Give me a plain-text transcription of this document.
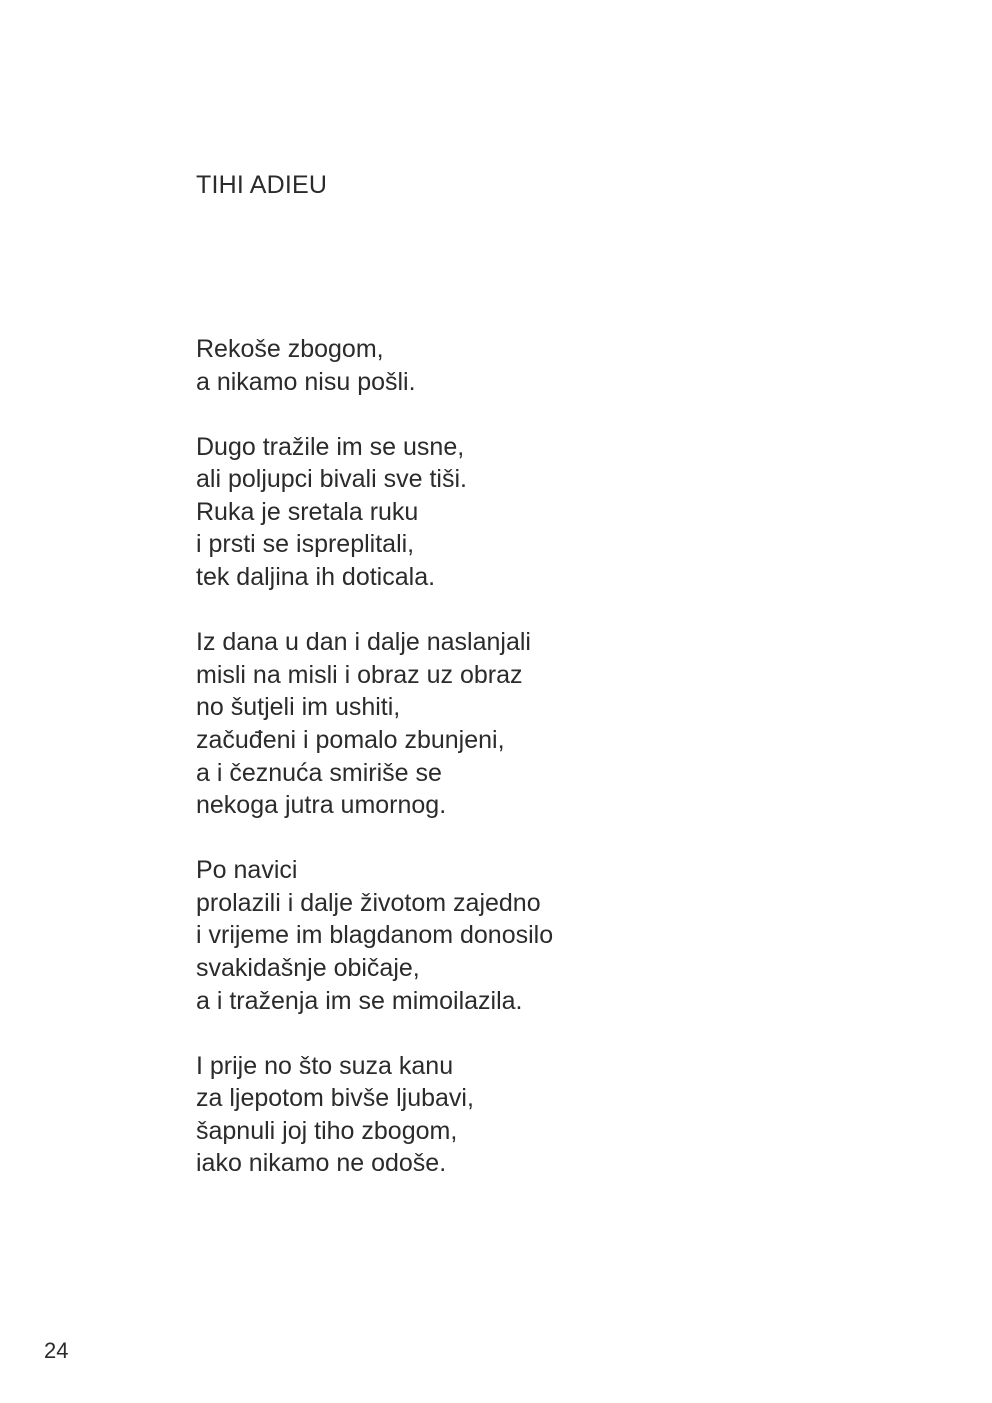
TIHI ADIEU
Rekoše zbogom,
a nikamo nisu pošli.
Dugo tražile im se usne,
ali poljupci bivali sve tiši.
Ruka je sretala ruku
i prsti se ispreplitali,
tek daljina ih doticala.
Iz dana u dan i dalje naslanjali
misli na misli i obraz uz obraz
no šutjeli im ushiti,
začuđeni i pomalo zbunjeni,
a i čeznuća smiriše se
nekoga jutra umornog.
Po navici
prolazili i dalje životom zajedno
i vrijeme im blagdanom donosilo
svakidašnje običaje,
a i traženja im se mimoilazila.
I prije no što suza kanu
za ljepotom bivše ljubavi,
šapnuli joj tiho zbogom,
iako nikamo ne odoše.
24
